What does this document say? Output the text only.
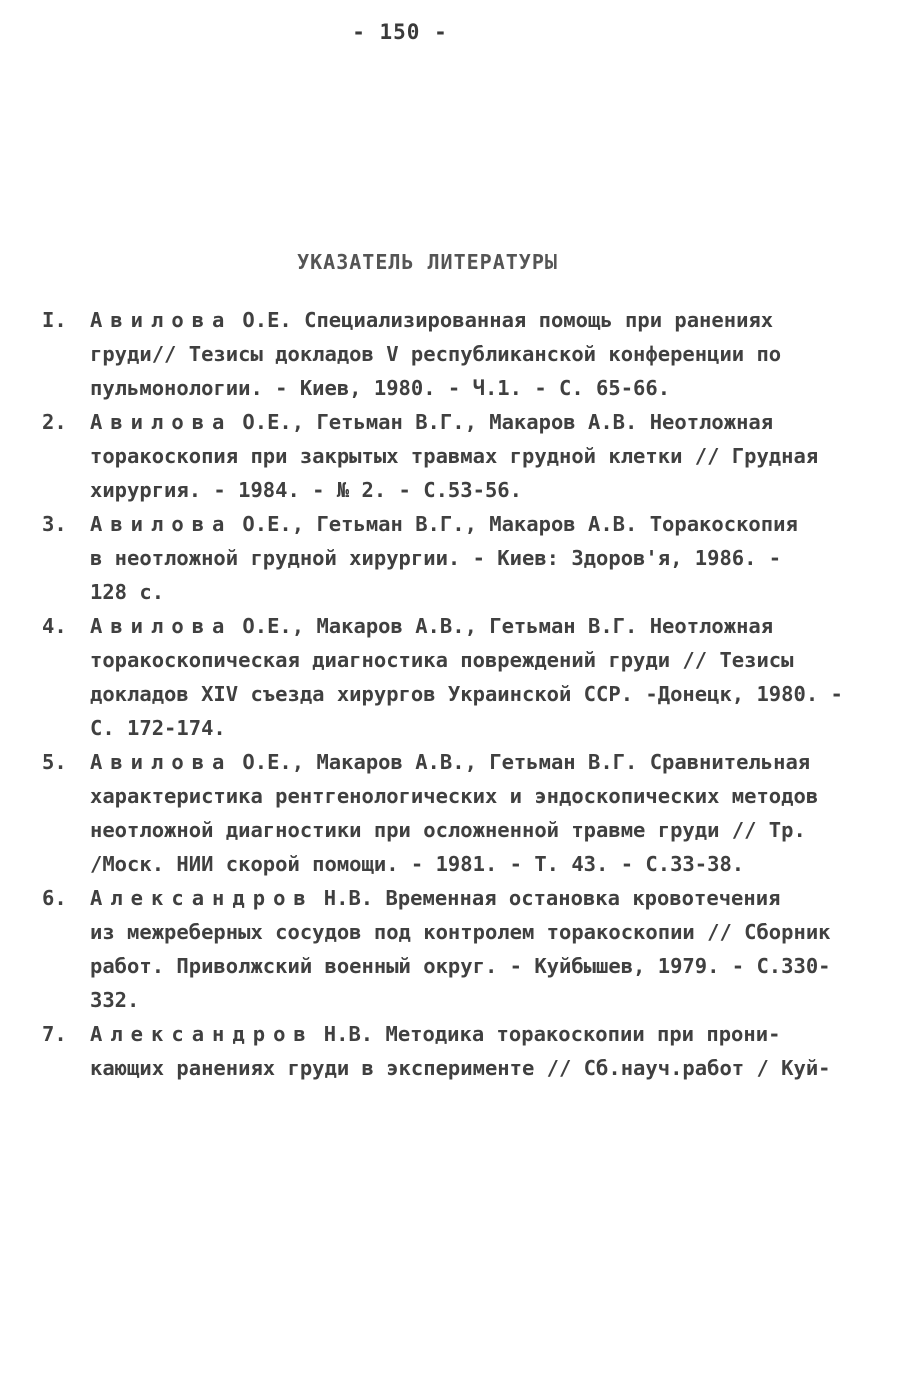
- 150 -
УКАЗАТЕЛЬ ЛИТЕРАТУРЫ
I. Авилова О.Е. Специализированная помощь при ранениях
груди// Тезисы докладов V республиканской конференции по
пульмонологии. - Киев, 1980. - Ч.1. - С. 65-66.
2. Авилова О.Е., Гетьман В.Г., Макаров А.В. Неотложная
торакоскопия при закрытых травмах грудной клетки // Грудная
хирургия. - 1984. - № 2. - С.53-56.
3. Авилова О.Е., Гетьман В.Г., Макаров А.В. Торакоскопия
в неотложной грудной хирургии. - Киев: Здоров'я, 1986. -
128 с.
4. Авилова О.Е., Макаров А.В., Гетьман В.Г. Неотложная
торакоскопическая диагностика повреждений груди // Тезисы
докладов XIV съезда хирургов Украинской ССР. -Донецк, 1980. -
С. 172-174.
5. Авилова О.Е., Макаров А.В., Гетьман В.Г. Сравнительная
характеристика рентгенологических и эндоскопических методов
неотложной диагностики при осложненной травме груди // Тр.
/Моск. НИИ скорой помощи. - 1981. - Т. 43. - С.33-38.
6. Александров Н.В. Временная остановка кровотечения
из межреберных сосудов под контролем торакоскопии // Сборник
работ. Приволжский военный округ. - Куйбышев, 1979. - С.330-
332.
7. Александров Н.В. Методика торакоскопии при прони-
кающих ранениях груди в эксперименте // Сб.науч.работ / Куй-
